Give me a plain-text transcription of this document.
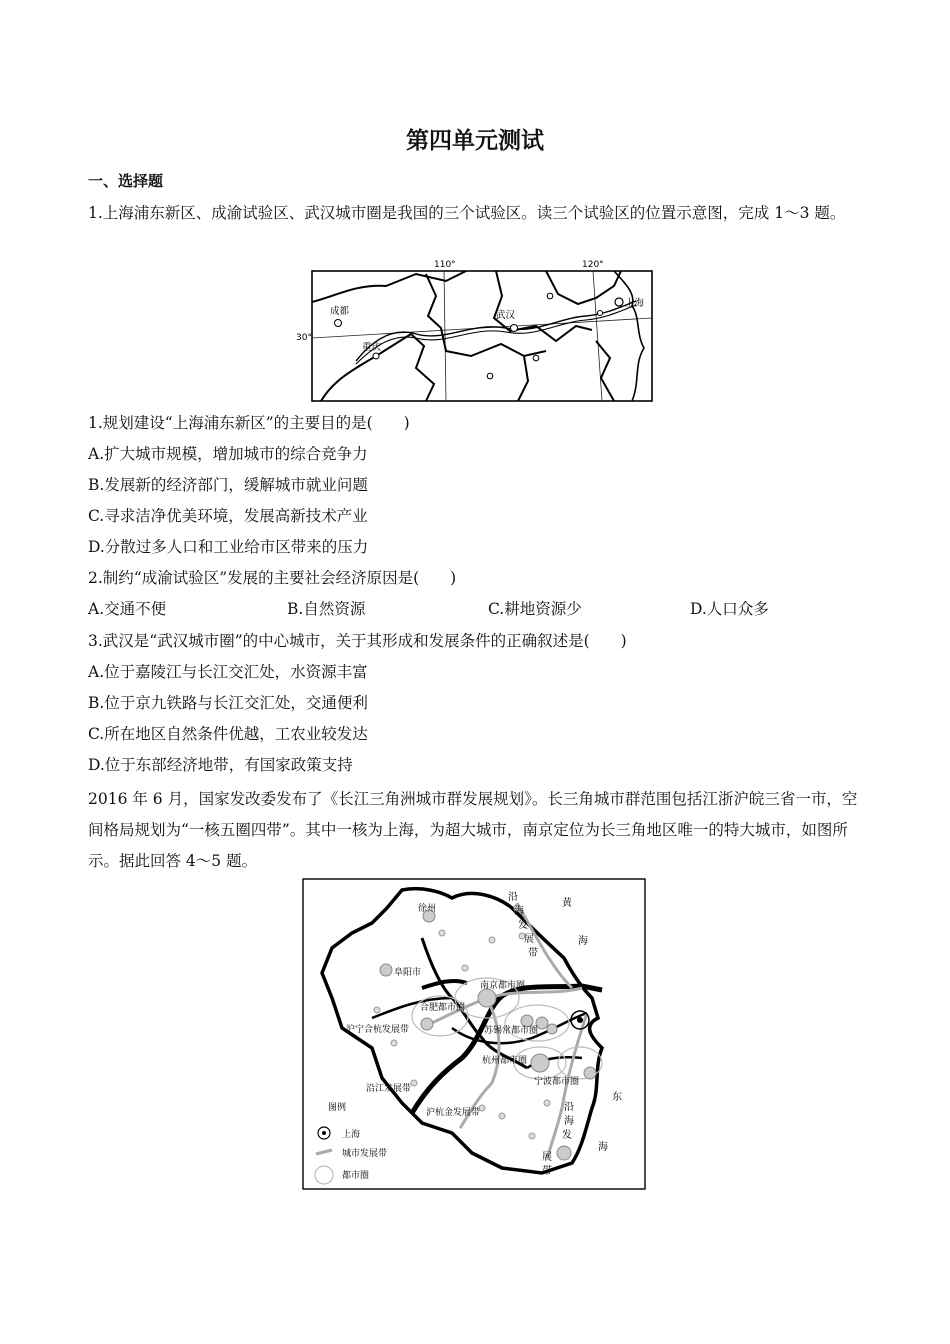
第四单元测试
一、选择题
1.上海浦东新区、成渝试验区、武汉城市圈是我国的三个试验区。读三个试验区的位置示意图，完成 1～3 题。
110°	120°
30°
成都
重庆
武汉
上海
1.规划建设“上海浦东新区”的主要目的是(　　)
A.扩大城市规模，增加城市的综合竞争力
B.发展新的经济部门，缓解城市就业问题
C.寻求洁净优美环境，发展高新技术产业
D.分散过多人口和工业给市区带来的压力
2.制约“成渝试验区”发展的主要社会经济原因是(　　)
A.交通不便	B.自然资源	C.耕地资源少	D.人口众多
3.武汉是“武汉城市圈”的中心城市，关于其形成和发展条件的正确叙述是(　　)
A.位于嘉陵江与长江交汇处，水资源丰富
B.位于京九铁路与长江交汇处，交通便利
C.所在地区自然条件优越，工农业较发达
D.位于东部经济地带，有国家政策支持
2016 年 6 月，国家发改委发布了《长江三角洲城市群发展规划》。长三角城市群范围包括江浙沪皖三省一市，空间格局规划为“一核五圈四带”。其中一核为上海，为超大城市，南京定位为长三角地区唯一的特大城市，如图所示。据此回答 4～5 题。
徐州
阜阳市
南京都市圈
合肥都市圈
沪宁合杭发展带	苏锡常都市圈
杭州都市圈
宁波都市圈
沿江发展带
沪杭金发展带
沿
海
发
展
带
黄
海
东
沿
海
发
展
带
海
图例
上海
城市发展带
都市圈
